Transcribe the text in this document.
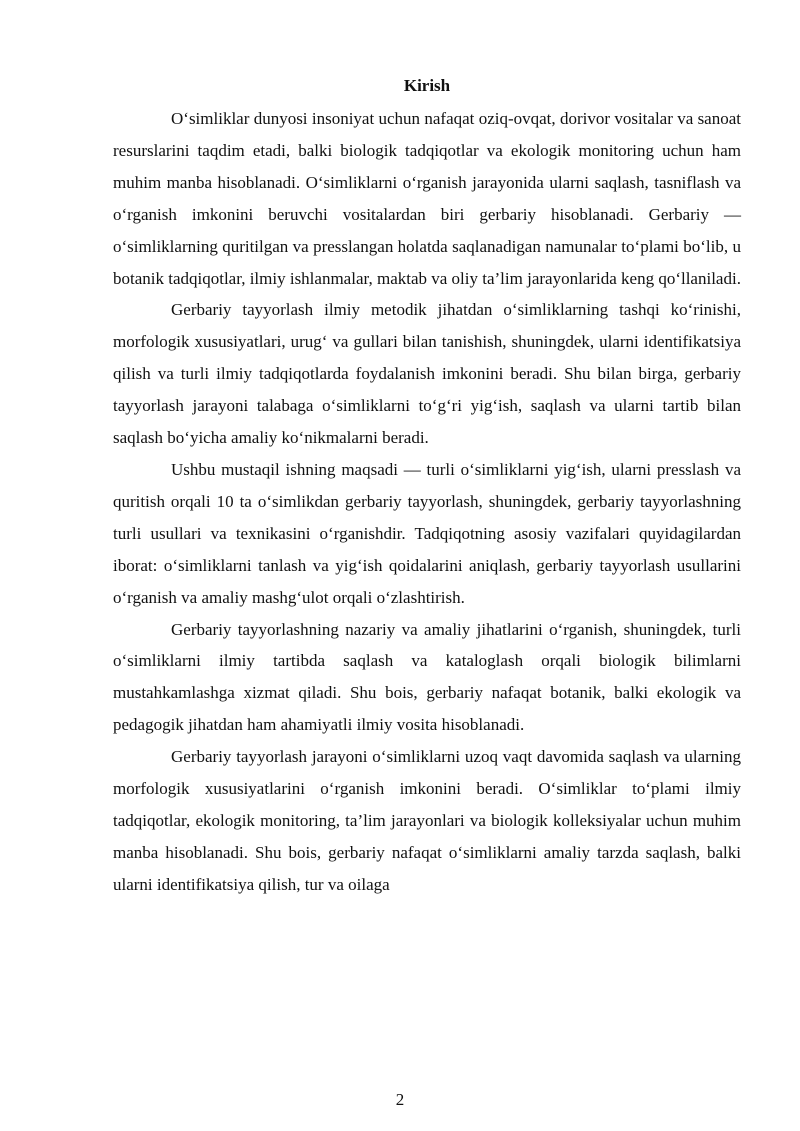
Kirish

O‘simliklar dunyosi insoniyat uchun nafaqat oziq-ovqat, dorivor vositalar va sanoat resurslarini taqdim etadi, balki biologik tadqiqotlar va ekologik monitoring uchun ham muhim manba hisoblanadi. O‘simliklarni o‘rganish jarayonida ularni saqlash, tasniflash va o‘rganish imkonini beruvchi vositalardan biri gerbariy hisoblanadi. Gerbariy — o‘simliklarning quritilgan va presslangan holatda saqlanadigan namunalar to‘plami bo‘lib, u botanik tadqiqotlar, ilmiy ishlanmalar, maktab va oliy ta’lim jarayonlarida keng qo‘llaniladi.

Gerbariy tayyorlash ilmiy metodik jihatdan o‘simliklarning tashqi ko‘rinishi, morfologik xususiyatlari, urug‘ va gullari bilan tanishish, shuningdek, ularni identifikatsiya qilish va turli ilmiy tadqiqotlarda foydalanish imkonini beradi. Shu bilan birga, gerbariy tayyorlash jarayoni talabaga o‘simliklarni to‘g‘ri yig‘ish, saqlash va ularni tartib bilan saqlash bo‘yicha amaliy ko‘nikmalarni beradi.

Ushbu mustaqil ishning maqsadi — turli o‘simliklarni yig‘ish, ularni presslash va quritish orqali 10 ta o‘simlikdan gerbariy tayyorlash, shuningdek, gerbariy tayyorlashning turli usullari va texnikasini o‘rganishdir. Tadqiqotning asosiy vazifalari quyidagilardan iborat: o‘simliklarni tanlash va yig‘ish qoidalarini aniqlash, gerbariy tayyorlash usullarini o‘rganish va amaliy mashg‘ulot orqali o‘zlashtirish.

Gerbariy tayyorlashning nazariy va amaliy jihatlarini o‘rganish, shuningdek, turli o‘simliklarni ilmiy tartibda saqlash va kataloglash orqali biologik bilimlarni mustahkamlashga xizmat qiladi. Shu bois, gerbariy nafaqat botanik, balki ekologik va pedagogik jihatdan ham ahamiyatli ilmiy vosita hisoblanadi.

Gerbariy tayyorlash jarayoni o‘simliklarni uzoq vaqt davomida saqlash va ularning morfologik xususiyatlarini o‘rganish imkonini beradi. O‘simliklar to‘plami ilmiy tadqiqotlar, ekologik monitoring, ta’lim jarayonlari va biologik kolleksiyalar uchun muhim manba hisoblanadi. Shu bois, gerbariy nafaqat o‘simliklarni amaliy tarzda saqlash, balki ularni identifikatsiya qilish, tur va oilaga

2
